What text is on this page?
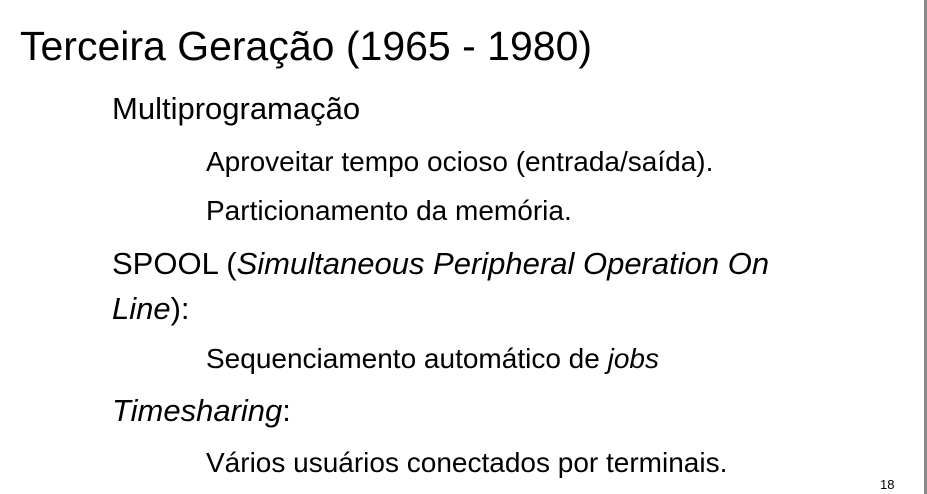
Terceira Geração (1965 - 1980)
Multiprogramação
Aproveitar tempo ocioso (entrada/saída).
Particionamento da memória.
SPOOL (Simultaneous Peripheral Operation On
Line):
Sequenciamento automático de jobs
Timesharing:
Vários usuários conectados por terminais.
18
